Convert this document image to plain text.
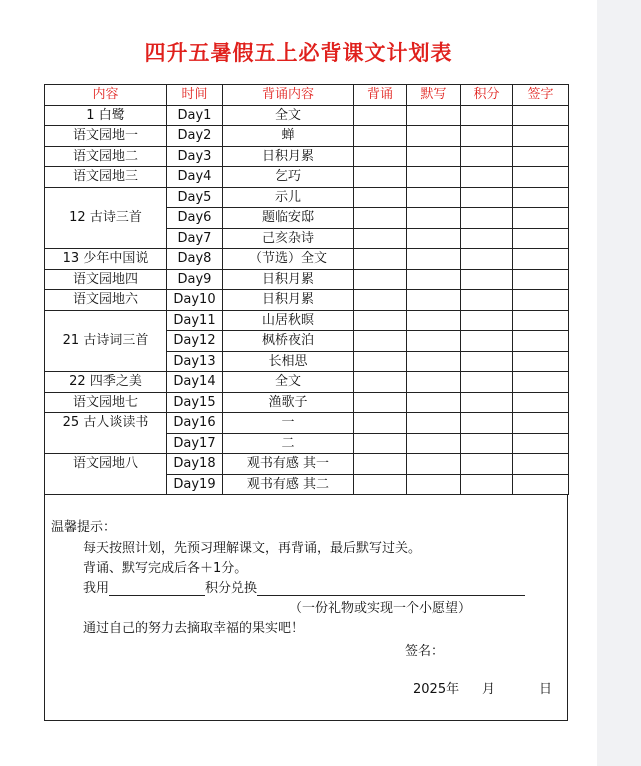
四升五暑假五上必背课文计划表
内容	时间	背诵内容	背诵	默写	积分	签字
1 白鹭	Day1	全文				
语文园地一	Day2	蝉				
语文园地二	Day3	日积月累				
语文园地三	Day4	乞巧				
12 古诗三首	Day5	示儿				
	Day6	题临安邸				
	Day7	己亥杂诗				
13 少年中国说	Day8	（节选）全文				
语文园地四	Day9	日积月累				
语文园地六	Day10	日积月累				
21 古诗词三首	Day11	山居秋暝				
	Day12	枫桥夜泊				
	Day13	长相思				
22 四季之美	Day14	全文				
语文园地七	Day15	渔歌子				
25 古人谈读书	Day16	一				
	Day17	二				
语文园地八	Day18	观书有感 其一				
	Day19	观书有感 其二				
温馨提示：
每天按照计划，先预习理解课文，再背诵，最后默写过关。
背诵、默写完成后各＋1分。
我用	积分兑换
（一份礼物或实现一个小愿望）
通过自己的努力去摘取幸福的果实吧！
签名：
2025年 月	日
